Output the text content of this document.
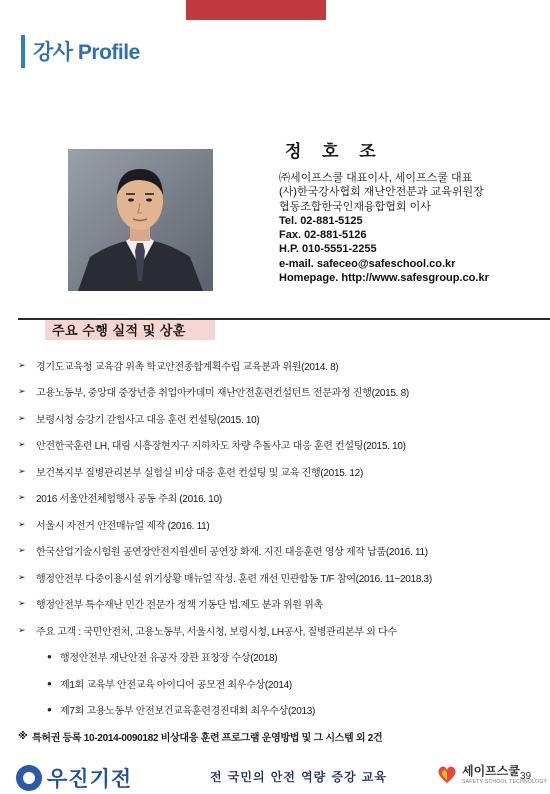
강사 Profile
정 호 조
㈜세이프스쿨 대표이사, 세이프스쿨 대표
(사)한국강사협회 재난안전분과 교육위원장
협동조합한국인재융합협회 이사
Tel. 02-881-5125
Fax. 02-881-5126
H.P. 010-5551-2255
e-mail. safeceo@safeschool.co.kr
Homepage. http://www.safesgroup.co.kr
주요 수행 실적 및 상훈
➢	경기도교육청 교육감 위촉 학교안전종합계획수립 교육분과 위원(2014. 8)
➢	고용노동부, 중앙대 중장년층 취업아카데미 재난안전훈련컨설턴트 전문과정 진행(2015. 8)
➢	보령시청 승강기 갇힘사고 대응 훈련 컨설팅(2015. 10)
➢	안전한국훈련 LH, 대림 시흥장현지구 지하차도 차량 추돌사고 대응 훈련 컨설팅(2015. 10)
➢	보건복지부 질병관리본부 실험실 비상 대응 훈련 컨설팅 및 교육 진행(2015. 12)
➢	2016 서울안전체험행사 공동 주최 (2016. 10)
➢	서울시 자전거 안전매뉴얼 제작 (2016. 11)
➢	한국산업기술시험원 공연장안전지원센터 공연장 화재. 지진 대응훈련 영상 제작 납품(2016. 11)
➢	행정안전부 다중이용시설 위기상황 매뉴얼 작성. 훈련 개선 민관합동 T/F 참여(2016. 11~2018.3)
➢	행정안전부 특수재난 민간 전문가 정책 기동단 법.제도 분과 위원 위촉
➢	주요 고객 : 국민안전처, 고용노동부, 서울시청, 보령시청, LH공사, 질병관리본부 외 다수
● 행정안전부 재난안전 유공자 장관 표창장 수상(2018)
● 제1회 교육부 안전교육 아이디어 공모전 최우수상(2014)
● 제7회 고용노동부 안전보건교육훈련경진대회 최우수상(2013)
※ 특허권 등록 10-2014-0090182 비상대응 훈련 프로그램 운영방법 및 그 시스템 외 2건
우진기전	전 국민의 안전 역량 증강 교육	세이프스쿨
SAFETY SCHOOL TECHNOLOGY
39
